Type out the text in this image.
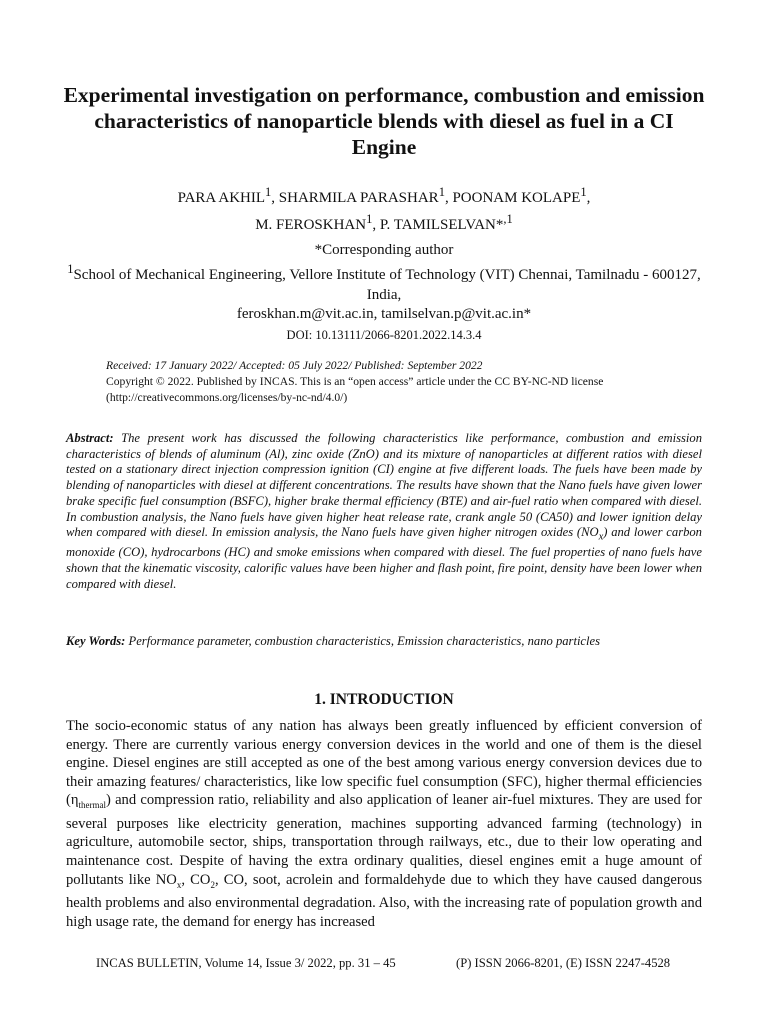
Experimental investigation on performance, combustion and emission characteristics of nanoparticle blends with diesel as fuel in a CI Engine
PARA AKHIL$^1$, SHARMILA PARASHAR$^1$, POONAM KOLAPE$^1$,
M. FEROSKHAN$^1$, P. TAMILSELVAN*$^{,1}$
*Corresponding author
$^1$School of Mechanical Engineering, Vellore Institute of Technology (VIT) Chennai, Tamilnadu - 600127, India,
feroskhan.m@vit.ac.in, tamilselvan.p@vit.ac.in*
DOI: 10.13111/2066-8201.2022.14.3.4
Received: 17 January 2022/ Accepted: 05 July 2022/ Published: September 2022
Copyright © 2022. Published by INCAS. This is an “open access” article under the CC BY-NC-ND license (http://creativecommons.org/licenses/by-nc-nd/4.0/)

Abstract: The present work has discussed the following characteristics like performance, combustion and emission characteristics of blends of aluminum (Al), zinc oxide (ZnO) and its mixture of nanoparticles at different ratios with diesel tested on a stationary direct injection compression ignition (CI) engine at five different loads. The fuels have been made by blending of nanoparticles with diesel at different concentrations. The results have shown that the Nano fuels have given lower brake specific fuel consumption (BSFC), higher brake thermal efficiency (BTE) and air-fuel ratio when compared with diesel. In combustion analysis, the Nano fuels have given higher heat release rate, crank angle 50 (CA50) and lower ignition delay when compared with diesel. In emission analysis, the Nano fuels have given higher nitrogen oxides $(NO_x)$ and lower carbon monoxide (CO), hydrocarbons (HC) and smoke emissions when compared with diesel. The fuel properties of nano fuels have shown that the kinematic viscosity, calorific values have been higher and flash point, fire point, density have been lower when compared with diesel.

Key Words: Performance parameter, combustion characteristics, Emission characteristics, nano particles

1. INTRODUCTION

The socio-economic status of any nation has always been greatly influenced by efficient conversion of energy. There are currently various energy conversion devices in the world and one of them is the diesel engine. Diesel engines are still accepted as one of the best among various energy conversion devices due to their amazing features/ characteristics, like low specific fuel consumption (SFC), higher thermal efficiencies $(\eta_{thermal})$ and compression ratio, reliability and also application of leaner air-fuel mixtures. They are used for several purposes like electricity generation, machines supporting advanced farming (technology) in agriculture, automobile sector, ships, transportation through railways, etc., due to their low operating and maintenance cost. Despite of having the extra ordinary qualities, diesel engines emit a huge amount of pollutants like $NO_x$, $CO_2$, CO, soot, acrolein and formaldehyde due to which they have caused dangerous health problems and also environmental degradation. Also, with the increasing rate of population growth and high usage rate, the demand for energy has increased

INCAS BULLETIN, Volume 14, Issue 3/ 2022, pp. 31 – 45	(P) ISSN 2066-8201, (E) ISSN 2247-4528
